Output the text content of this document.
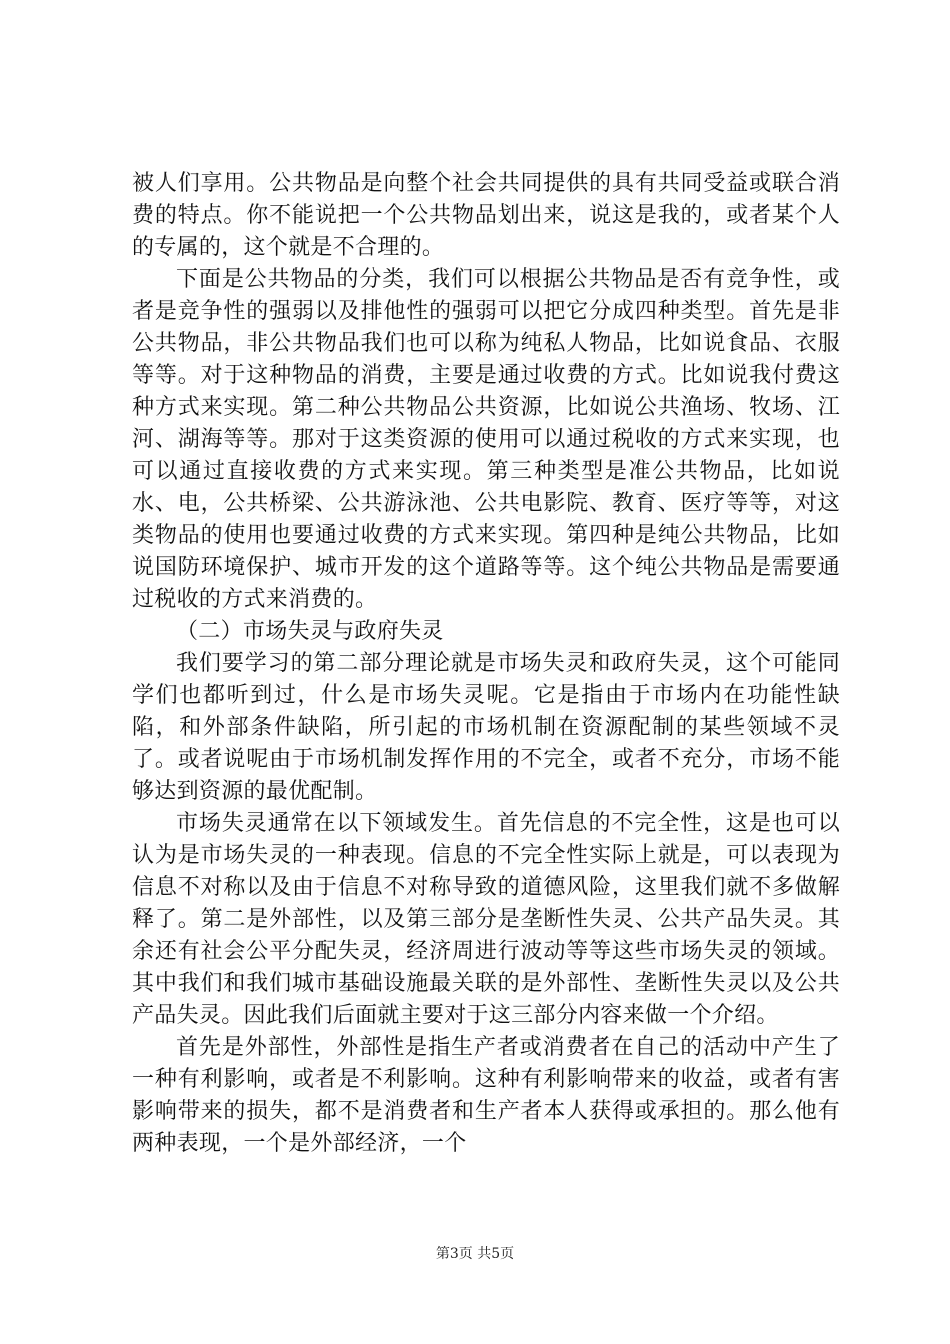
被人们享用。公共物品是向整个社会共同提供的具有共同受益或联合消费的特点。你不能说把一个公共物品划出来，说这是我的，或者某个人的专属的，这个就是不合理的。

下面是公共物品的分类，我们可以根据公共物品是否有竞争性，或者是竞争性的强弱以及排他性的强弱可以把它分成四种类型。首先是非公共物品，非公共物品我们也可以称为纯私人物品，比如说食品、衣服等等。对于这种物品的消费，主要是通过收费的方式。比如说我付费这种方式来实现。第二种公共物品公共资源，比如说公共渔场、牧场、江河、湖海等等。那对于这类资源的使用可以通过税收的方式来实现，也可以通过直接收费的方式来实现。第三种类型是准公共物品，比如说水、电，公共桥梁、公共游泳池、公共电影院、教育、医疗等等，对这类物品的使用也要通过收费的方式来实现。第四种是纯公共物品，比如说国防环境保护、城市开发的这个道路等等。这个纯公共物品是需要通过税收的方式来消费的。

（二）市场失灵与政府失灵

我们要学习的第二部分理论就是市场失灵和政府失灵，这个可能同学们也都听到过，什么是市场失灵呢。它是指由于市场内在功能性缺陷，和外部条件缺陷，所引起的市场机制在资源配制的某些领域不灵了。或者说呢由于市场机制发挥作用的不完全，或者不充分，市场不能够达到资源的最优配制。

市场失灵通常在以下领域发生。首先信息的不完全性，这是也可以认为是市场失灵的一种表现。信息的不完全性实际上就是，可以表现为信息不对称以及由于信息不对称导致的道德风险，这里我们就不多做解释了。第二是外部性，以及第三部分是垄断性失灵、公共产品失灵。其余还有社会公平分配失灵，经济周进行波动等等这些市场失灵的领域。其中我们和我们城市基础设施最关联的是外部性、垄断性失灵以及公共产品失灵。因此我们后面就主要对于这三部分内容来做一个介绍。

首先是外部性，外部性是指生产者或消费者在自己的活动中产生了一种有利影响，或者是不利影响。这种有利影响带来的收益，或者有害影响带来的损失，都不是消费者和生产者本人获得或承担的。那么他有两种表现，一个是外部经济，一个

第3页 共5页
